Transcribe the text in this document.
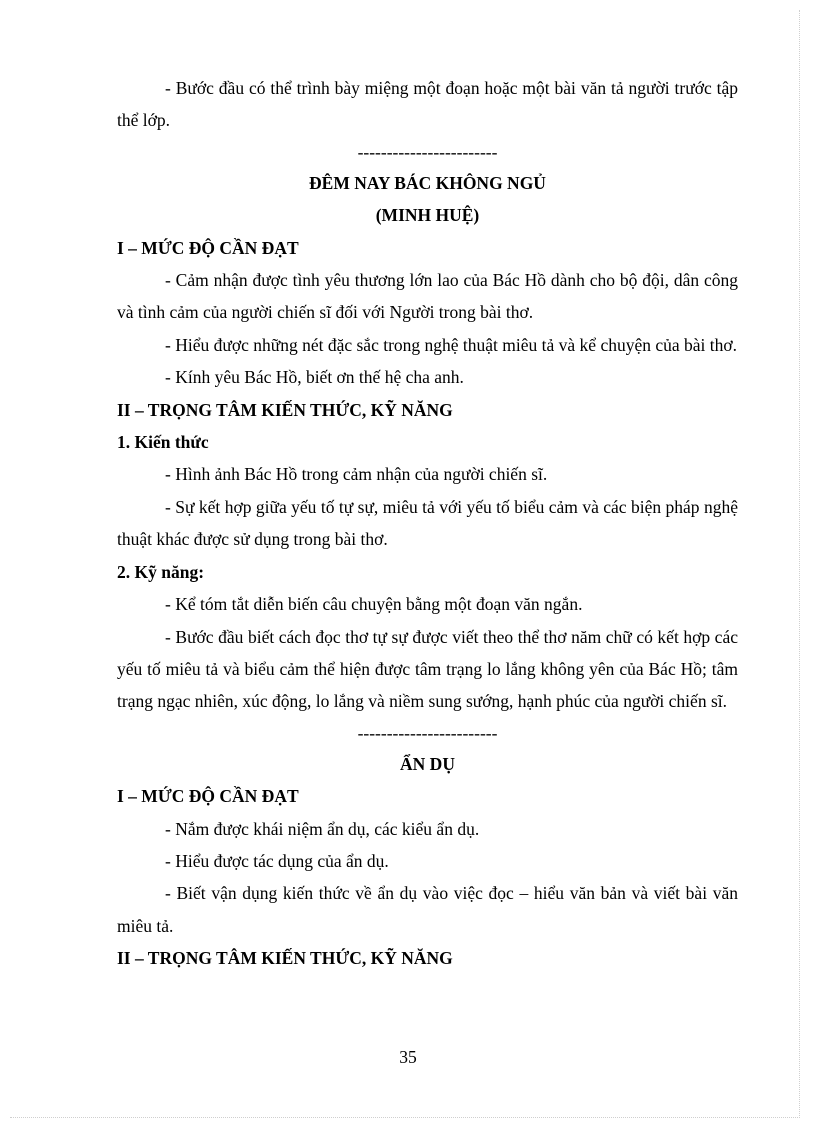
- Bước đầu có thể trình bày miệng một đoạn hoặc một bài văn tả người trước tập thể lớp.

------------------------

ĐÊM NAY BÁC KHÔNG NGỦ

(MINH HUỆ)

I – MỨC ĐỘ CẦN ĐẠT

- Cảm nhận được tình yêu thương lớn lao của Bác Hồ dành cho bộ đội, dân công và tình cảm của người chiến sĩ đối với Người trong bài thơ.

- Hiểu được những nét đặc sắc trong nghệ thuật miêu tả và kể chuyện của bài thơ.

- Kính yêu Bác Hồ, biết ơn thế hệ cha anh.

II – TRỌNG TÂM KIẾN THỨC, KỸ NĂNG

1. Kiến thức

- Hình ảnh Bác Hồ trong cảm nhận của người chiến sĩ.

- Sự kết hợp giữa yếu tố tự sự, miêu tả với yếu tố biểu cảm và các biện pháp nghệ thuật khác được sử dụng trong bài thơ.

2. Kỹ năng:

- Kể tóm tắt diễn biến câu chuyện bằng một đoạn văn ngắn.

- Bước đầu biết cách đọc thơ tự sự được viết theo thể thơ năm chữ có kết hợp các yếu tố miêu tả và biểu cảm thể hiện được tâm trạng lo lắng không yên của Bác Hồ; tâm trạng ngạc nhiên, xúc động, lo lắng và niềm sung sướng, hạnh phúc của người chiến sĩ.

------------------------

ẨN DỤ

I – MỨC ĐỘ CẦN ĐẠT

- Nắm được khái niệm ẩn dụ, các kiểu ẩn dụ.

- Hiểu được tác dụng của ẩn dụ.

- Biết vận dụng kiến thức về ẩn dụ vào việc đọc – hiểu văn bản và viết bài văn miêu tả.

II – TRỌNG TÂM KIẾN THỨC, KỸ NĂNG

35
